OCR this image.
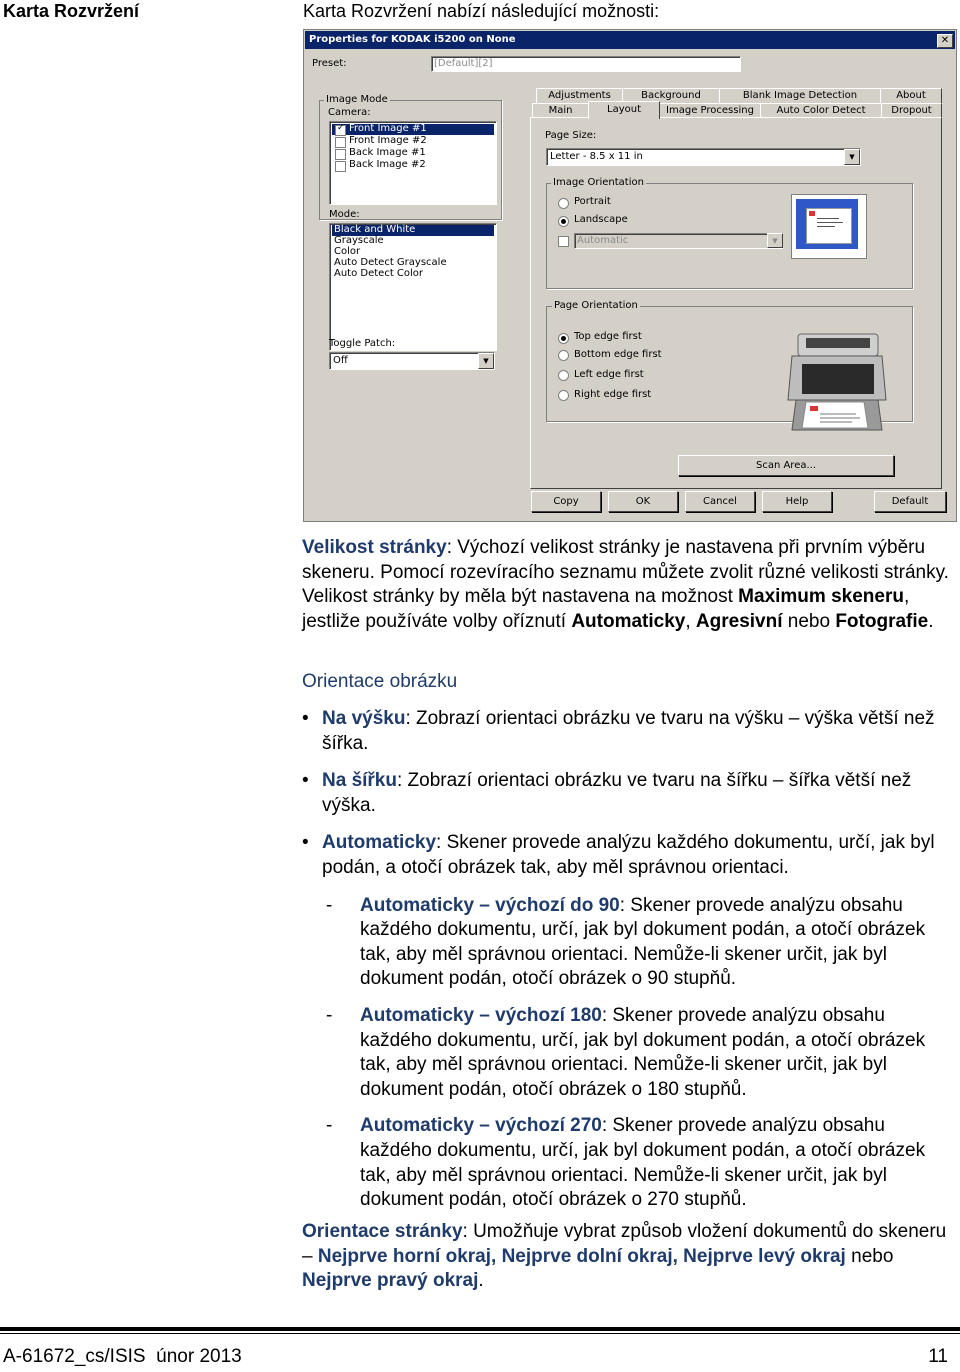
Karta Rozvržení	Karta Rozvržení nabízí následující možnosti:
Properties for KODAK i5200 on None	✕
Preset:	[Default][2]
Image Mode
Camera:
✓ Front Image #1
Front Image #2
Back Image #1
Back Image #2
Mode:
Black and White
Grayscale
Color
Auto Detect Grayscale
Auto Detect Color
Toggle Patch:
Off	▼
Adjustments	Background	Blank Image Detection	About
Main	Layout	Image Processing	Auto Color Detect	Dropout
Page Size:
Letter - 8.5 x 11 in	▼
Image Orientation
Portrait
Landscape
Automatic	▼
Page Orientation
Top edge first
Bottom edge first
Left edge first
Right edge first
Scan Area...
Copy	OK	Cancel	Help	Default
Velikost stránky: Výchozí velikost stránky je nastavena při prvním výběru skeneru. Pomocí rozevíracího seznamu můžete zvolit různé velikosti stránky. Velikost stránky by měla být nastavena na možnost Maximum skeneru, jestliže používáte volby oříznutí Automaticky, Agresivní nebo Fotografie.
Orientace obrázku
• Na výšku: Zobrazí orientaci obrázku ve tvaru na výšku – výška větší než šířka.
• Na šířku: Zobrazí orientaci obrázku ve tvaru na šířku – šířka větší než výška.
• Automaticky: Skener provede analýzu každého dokumentu, určí, jak byl podán, a otočí obrázek tak, aby měl správnou orientaci.
- Automaticky – výchozí do 90: Skener provede analýzu obsahu každého dokumentu, určí, jak byl dokument podán, a otočí obrázek tak, aby měl správnou orientaci. Nemůže-li skener určit, jak byl dokument podán, otočí obrázek o 90 stupňů.
- Automaticky – výchozí 180: Skener provede analýzu obsahu každého dokumentu, určí, jak byl dokument podán, a otočí obrázek tak, aby měl správnou orientaci. Nemůže-li skener určit, jak byl dokument podán, otočí obrázek o 180 stupňů.
- Automaticky – výchozí 270: Skener provede analýzu obsahu každého dokumentu, určí, jak byl dokument podán, a otočí obrázek tak, aby měl správnou orientaci. Nemůže-li skener určit, jak byl dokument podán, otočí obrázek o 270 stupňů.
Orientace stránky: Umožňuje vybrat způsob vložení dokumentů do skeneru – Nejprve horní okraj, Nejprve dolní okraj, Nejprve levý okraj nebo Nejprve pravý okraj.
A-61672_cs/ISIS  únor 2013	11
